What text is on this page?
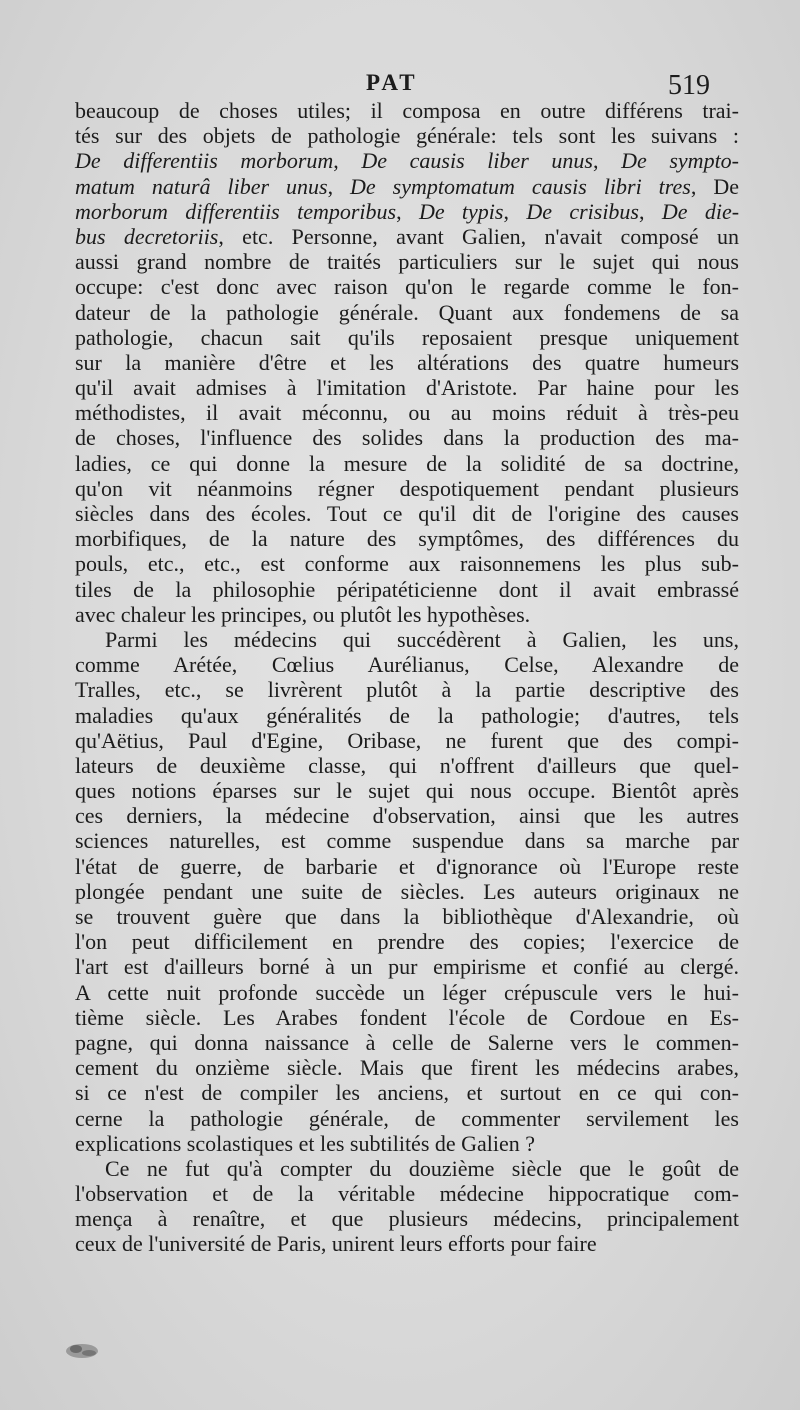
PAT	519

beaucoup de choses utiles; il composa en outre différens trai-
tés sur des objets de pathologie générale: tels sont les suivans :
De differentiis morborum, De causis liber unus, De sympto-
matum naturâ liber unus, De symptomatum causis libri tres, De
morborum differentiis temporibus, De typis, De crisibus, De die-
bus decretoriis, etc. Personne, avant Galien, n'avait composé un
aussi grand nombre de traités particuliers sur le sujet qui nous
occupe: c'est donc avec raison qu'on le regarde comme le fon-
dateur de la pathologie générale. Quant aux fondemens de sa
pathologie, chacun sait qu'ils reposaient presque uniquement
sur la manière d'être et les altérations des quatre humeurs
qu'il avait admises à l'imitation d'Aristote. Par haine pour les
méthodistes, il avait méconnu, ou au moins réduit à très-peu
de choses, l'influence des solides dans la production des ma-
ladies, ce qui donne la mesure de la solidité de sa doctrine,
qu'on vit néanmoins régner despotiquement pendant plusieurs
siècles dans des écoles. Tout ce qu'il dit de l'origine des causes
morbifiques, de la nature des symptômes, des différences du
pouls, etc., etc., est conforme aux raisonnemens les plus sub-
tiles de la philosophie péripatéticienne dont il avait embrassé
avec chaleur les principes, ou plutôt les hypothèses.

Parmi les médecins qui succédèrent à Galien, les uns,
comme Arétée, Cœlius Aurélianus, Celse, Alexandre de
Tralles, etc., se livrèrent plutôt à la partie descriptive des
maladies qu'aux généralités de la pathologie; d'autres, tels
qu'Aëtius, Paul d'Egine, Oribase, ne furent que des compi-
lateurs de deuxième classe, qui n'offrent d'ailleurs que quel-
ques notions éparses sur le sujet qui nous occupe. Bientôt après
ces derniers, la médecine d'observation, ainsi que les autres
sciences naturelles, est comme suspendue dans sa marche par
l'état de guerre, de barbarie et d'ignorance où l'Europe reste
plongée pendant une suite de siècles. Les auteurs originaux ne
se trouvent guère que dans la bibliothèque d'Alexandrie, où
l'on peut difficilement en prendre des copies; l'exercice de
l'art est d'ailleurs borné à un pur empirisme et confié au clergé.
A cette nuit profonde succède un léger crépuscule vers le hui-
tième siècle. Les Arabes fondent l'école de Cordoue en Es-
pagne, qui donna naissance à celle de Salerne vers le commen-
cement du onzième siècle. Mais que firent les médecins arabes,
si ce n'est de compiler les anciens, et surtout en ce qui con-
cerne la pathologie générale, de commenter servilement les
explications scolastiques et les subtilités de Galien ?

Ce ne fut qu'à compter du douzième siècle que le goût de
l'observation et de la véritable médecine hippocratique com-
mença à renaître, et que plusieurs médecins, principalement
ceux de l'université de Paris, unirent leurs efforts pour faire
